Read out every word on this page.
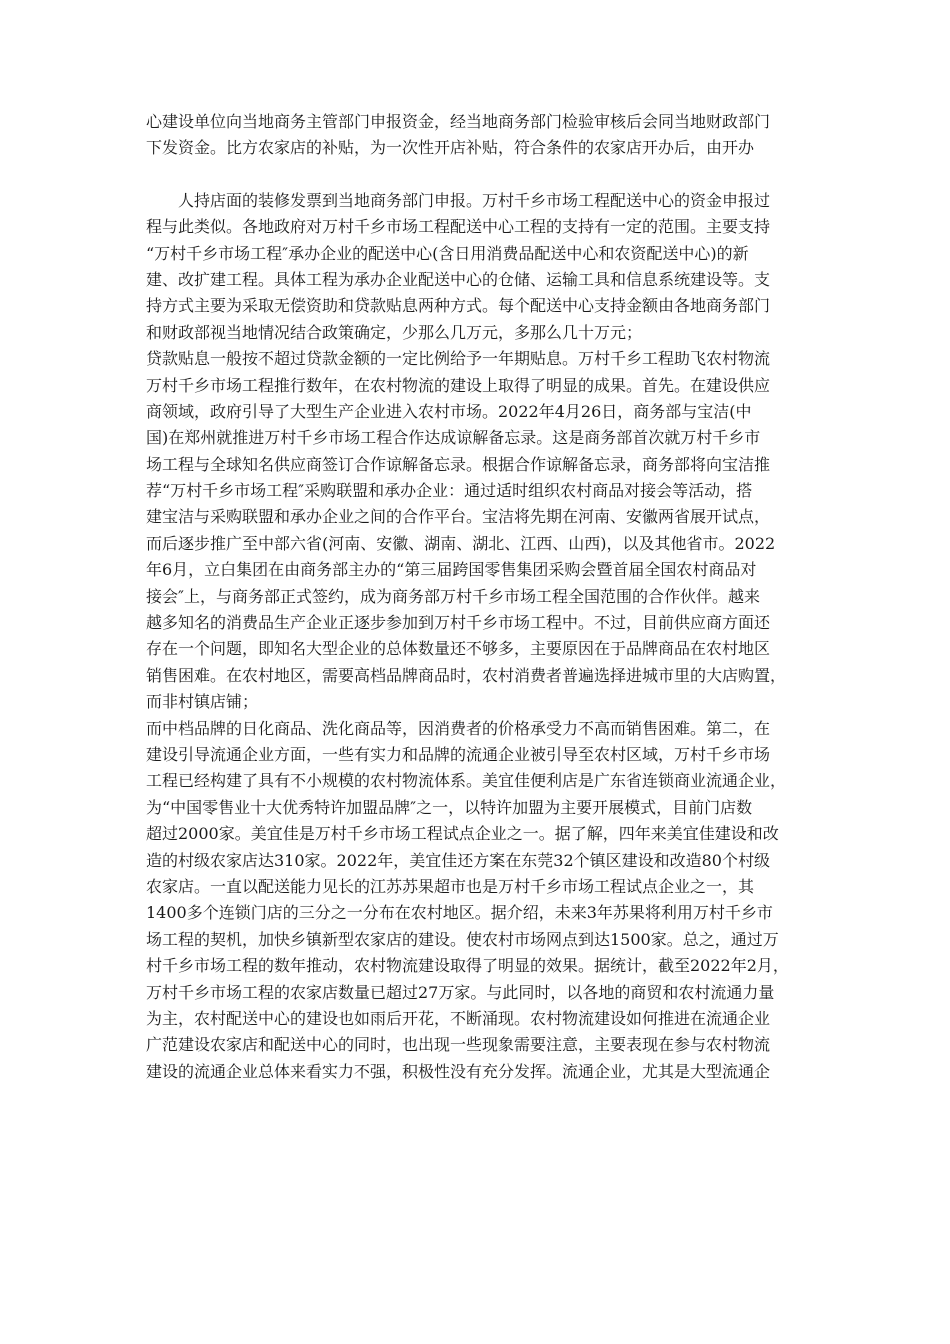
心建设单位向当地商务主管部门申报资金，经当地商务部门检验审核后会同当地财政部门
下发资金。比方农家店的补贴，为一次性开店补贴，符合条件的农家店开办后，由开办
人持店面的装修发票到当地商务部门申报。万村千乡市场工程配送中心的资金申报过
程与此类似。各地政府对万村千乡市场工程配送中心工程的支持有一定的范围。主要支持
“万村千乡市场工程″承办企业的配送中心(含日用消费品配送中心和农资配送中心)的新
建、改扩建工程。具体工程为承办企业配送中心的仓储、运输工具和信息系统建设等。支
持方式主要为采取无偿资助和贷款贴息两种方式。每个配送中心支持金额由各地商务部门
和财政部视当地情况结合政策确定，少那么几万元，多那么几十万元；
贷款贴息一般按不超过贷款金额的一定比例给予一年期贴息。万村千乡工程助飞农村物流
万村千乡市场工程推行数年，在农村物流的建设上取得了明显的成果。首先。在建设供应
商领域，政府引导了大型生产企业进入农村市场。2022年4月26日，商务部与宝洁(中
国)在郑州就推进万村千乡市场工程合作达成谅解备忘录。这是商务部首次就万村千乡市
场工程与全球知名供应商签订合作谅解备忘录。根据合作谅解备忘录，商务部将向宝洁推
荐“万村千乡市场工程″采购联盟和承办企业：通过适时组织农村商品对接会等活动，搭
建宝洁与采购联盟和承办企业之间的合作平台。宝洁将先期在河南、安徽两省展开试点，
而后逐步推广至中部六省(河南、安徽、湖南、湖北、江西、山西)，以及其他省市。2022
年6月，立白集团在由商务部主办的“第三届跨国零售集团采购会暨首届全国农村商品对
接会″上，与商务部正式签约，成为商务部万村千乡市场工程全国范围的合作伙伴。越来
越多知名的消费品生产企业正逐步参加到万村千乡市场工程中。不过，目前供应商方面还
存在一个问题，即知名大型企业的总体数量还不够多，主要原因在于品牌商品在农村地区
销售困难。在农村地区，需要高档品牌商品时，农村消费者普遍选择进城市里的大店购置，
而非村镇店铺；
而中档品牌的日化商品、洗化商品等，因消费者的价格承受力不高而销售困难。第二，在
建设引导流通企业方面，一些有实力和品牌的流通企业被引导至农村区域，万村千乡市场
工程已经构建了具有不小规模的农村物流体系。美宜佳便利店是广东省连锁商业流通企业，
为“中国零售业十大优秀特许加盟品牌″之一，以特许加盟为主要开展模式，目前门店数
超过2000家。美宜佳是万村千乡市场工程试点企业之一。据了解，四年来美宜佳建设和改
造的村级农家店达310家。2022年，美宜佳还方案在东莞32个镇区建设和改造80个村级
农家店。一直以配送能力见长的江苏苏果超市也是万村千乡市场工程试点企业之一，其
1400多个连锁门店的三分之一分布在农村地区。据介绍，未来3年苏果将利用万村千乡市
场工程的契机，加快乡镇新型农家店的建设。使农村市场网点到达1500家。总之，通过万
村千乡市场工程的数年推动，农村物流建设取得了明显的效果。据统计，截至2022年2月，
万村千乡市场工程的农家店数量已超过27万家。与此同时，以各地的商贸和农村流通力量
为主，农村配送中心的建设也如雨后开花，不断涌现。农村物流建设如何推进在流通企业
广范建设农家店和配送中心的同时，也出现一些现象需要注意，主要表现在参与农村物流
建设的流通企业总体来看实力不强，积极性没有充分发挥。流通企业，尤其是大型流通企
